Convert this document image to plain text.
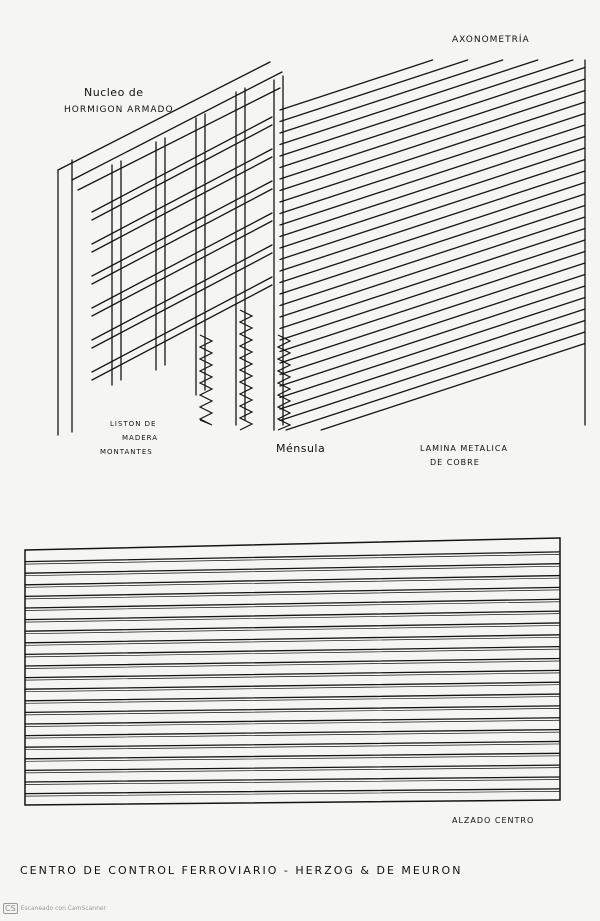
AXONOMETRÍA
Nucleo de
HORMIGON ARMADO
LISTON DE
MADERA
MONTANTES	Ménsula	LAMINA METALICA
DE COBRE
ALZADO CENTRO
CENTRO DE CONTROL FERROVIARIO - HERZOG & DE MEURON
CS Escaneado con CamScanner
